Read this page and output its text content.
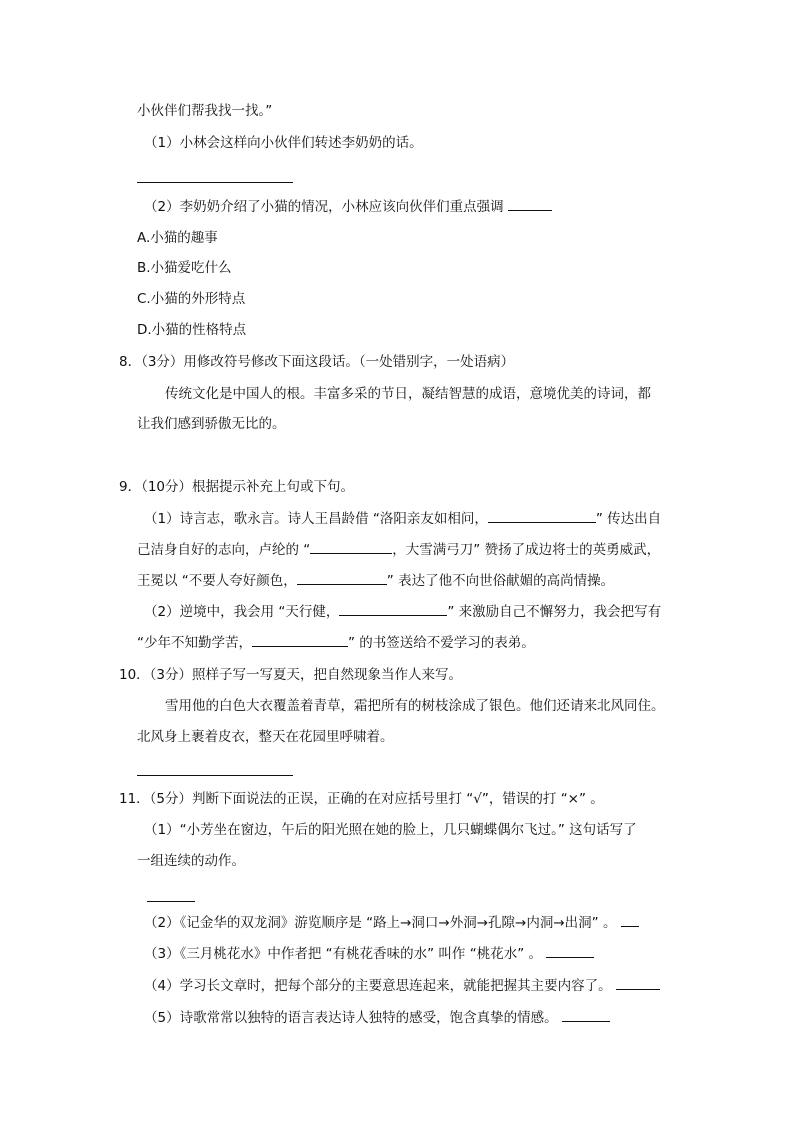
小伙伴们帮我找一找。”
（1）小林会这样向小伙伴们转述李奶奶的话。
（2）李奶奶介绍了小猫的情况，小林应该向伙伴们重点强调
A.小猫的趣事
B.小猫爱吃什么
C.小猫的外形特点
D.小猫的性格特点
8．（3分）用修改符号修改下面这段话。（一处错别字，一处语病）
传统文化是中国人的根。丰富多采的节日，凝结智慧的成语，意境优美的诗词，都
让我们感到骄傲无比的。
9．（10分）根据提示补充上句或下句。
（1）诗言志，歌永言。诗人王昌龄借 “洛阳亲友如相问，	” 传达出自
己洁身自好的志向，卢纶的 “	，大雪满弓刀” 赞扬了成边将士的英勇威武，
王冕以 “不要人夸好颜色，	” 表达了他不向世俗献媚的高尚情操。
（2）逆境中，我会用 “天行健，	” 来激励自己不懈努力，我会把写有
“少年不知勤学苦，	” 的书签送给不爱学习的表弟。
10．（3分）照样子写一写夏天，把自然现象当作人来写。
雪用他的白色大衣覆盖着青草，霜把所有的树枝涂成了银色。他们还请来北风同住。
北风身上裹着皮衣，整天在花园里呼啸着。
11．（5分）判断下面说法的正误，正确的在对应括号里打 “√”，错误的打 “×” 。
（1）“小芳坐在窗边，午后的阳光照在她的脸上，几只蝴蝶偶尔飞过。” 这句话写了
一组连续的动作。
（2）《记金华的双龙洞》游览顺序是 “路上→洞口→外洞→孔隙→内洞→出洞” 。
（3）《三月桃花水》中作者把 “有桃花香味的水” 叫作 “桃花水” 。
（4）学习长文章时，把每个部分的主要意思连起来，就能把握其主要内容了。
（5）诗歌常常以独特的语言表达诗人独特的感受，饱含真挚的情感。
